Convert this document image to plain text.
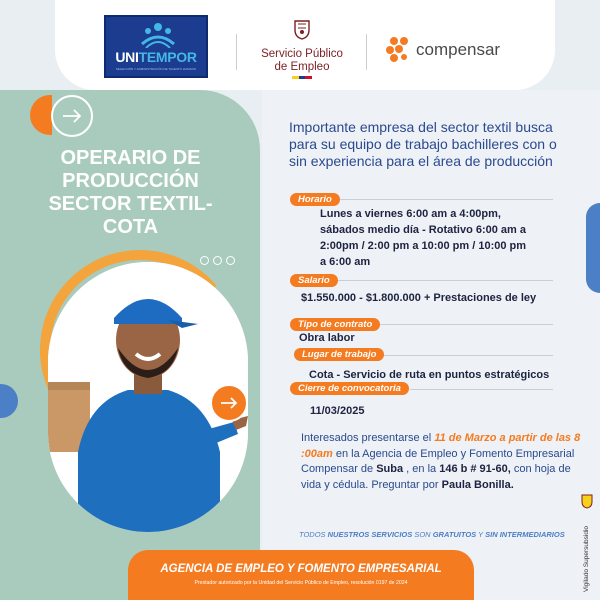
UNITEMPOR
SELECCIÓN Y ADMINISTRACIÓN DE TALENTO HUMANO
Servicio Público de Empleo
compensar
OPERARIO DE PRODUCCIÓN SECTOR TEXTIL- COTA
Importante empresa del sector textil busca para su equipo de trabajo bachilleres con o sin experiencia para el área de producción
Horario
Lunes a viernes 6:00 am a 4:00pm, sábados medio día - Rotativo 6:00 am a 2:00pm / 2:00 pm a 10:00 pm / 10:00 pm a 6:00 am
Salario
$1.550.000 - $1.800.000 + Prestaciones de ley
Tipo de contrato
Obra labor
Lugar de trabajo
Cota - Servicio de ruta en puntos estratégicos
Cierre de convocatoria
11/03/2025
Interesados presentarse el 11 de Marzo a partir de las 8 :00am en la Agencia de Empleo y Fomento Empresarial Compensar de Suba , en la 146 b # 91-60, con hoja de vida y cédula. Preguntar por Paula Bonilla.
TODOS NUESTROS SERVICIOS SON GRATUITOS Y SIN INTERMEDIARIOS
AGENCIA DE EMPLEO Y FOMENTO EMPRESARIAL
Prestador autorizado por la Unidad del Servicio Público de Empleo, resolución 0197 de 2024	Vigilado Supersubsidio
